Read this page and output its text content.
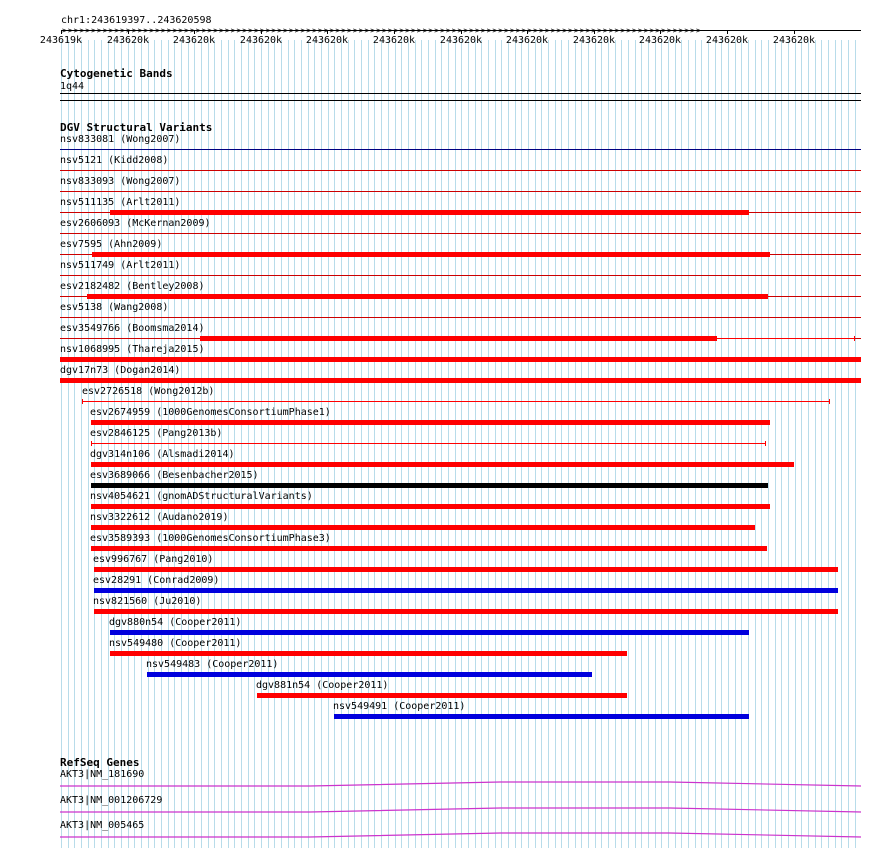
chr1:243619397..243620598
243619k 243620k 243620k 243620k 243620k 243620k 243620k 243620k 243620k 243620k 243620k 243620k
>>>>>>>>>>>>>>>>>>>>>>>>>>>>>>>>>>>>>>>>>>>>>>>>>>>>>>>>>>>>>>>>>>>>>>>>>>>>>>>>>>>>>>>>>>>>>>>>>>>>>>>>>>>>>>
Cytogenetic Bands
1q44
DGV Structural Variants
nsv833081 (Wong2007)
nsv5121 (Kidd2008)
nsv833093 (Wong2007)
nsv511135 (Arlt2011)
esv2606093 (McKernan2009)
esv7595 (Ahn2009)
nsv511749 (Arlt2011)
esv2182482 (Bentley2008)
esv5138 (Wang2008)
esv3549766 (Boomsma2014)
nsv1068995 (Thareja2015)
dgv17n73 (Dogan2014)
esv2726518 (Wong2012b)
esv2674959 (1000GenomesConsortiumPhase1)
esv2846125 (Pang2013b)
dgv314n106 (Alsmadi2014)
esv3689066 (Besenbacher2015)
nsv4054621 (gnomADStructuralVariants)
nsv3322612 (Audano2019)
esv3589393 (1000GenomesConsortiumPhase3)
esv996767 (Pang2010)
esv28291 (Conrad2009)
nsv821560 (Ju2010)
dgv880n54 (Cooper2011)
nsv549480 (Cooper2011)
nsv549483 (Cooper2011)
dgv881n54 (Cooper2011)
nsv549491 (Cooper2011)
RefSeq Genes
AKT3|NM_181690
AKT3|NM_001206729
AKT3|NM_005465
